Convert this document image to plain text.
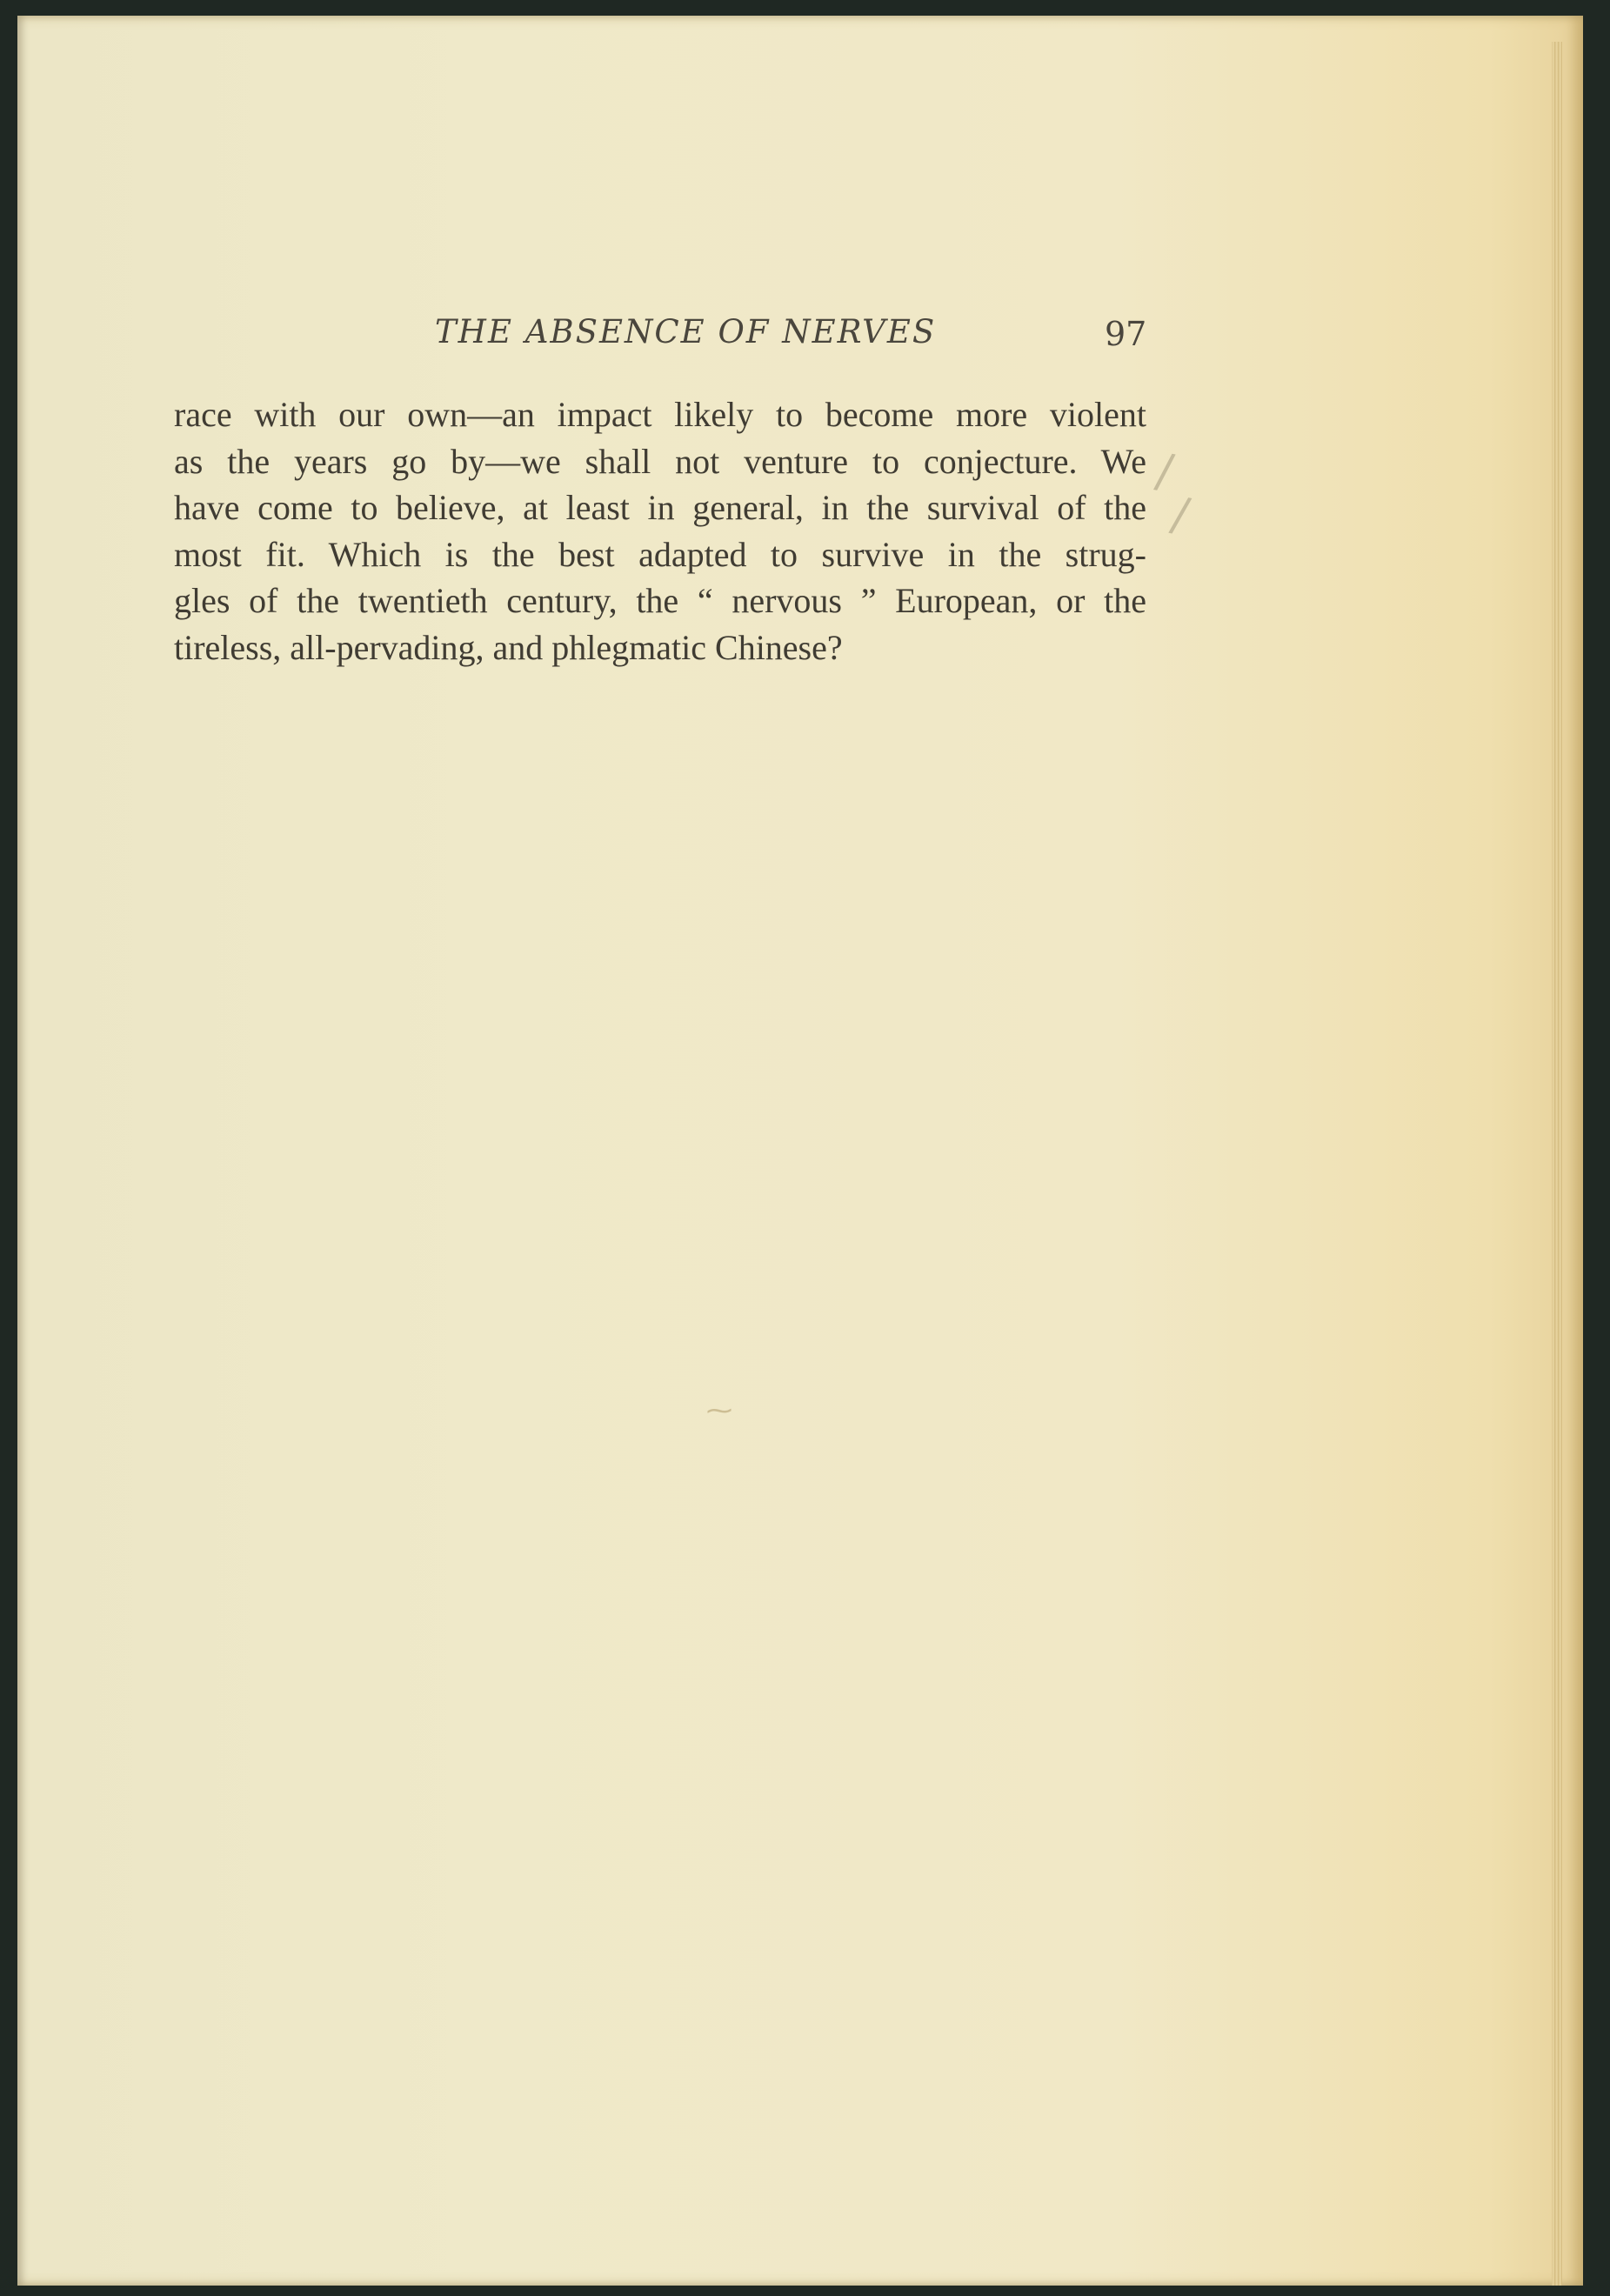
THE ABSENCE OF NERVES	97
race with our own—an impact likely to become more violent
as the years go by—we shall not venture to conjecture. We
have come to believe, at least in general, in the survival of the
most fit. Which is the best adapted to survive in the strug-
gles of the twentieth century, the “ nervous ” European, or the
tireless, all-pervading, and phlegmatic Chinese?
/
/
⁓
